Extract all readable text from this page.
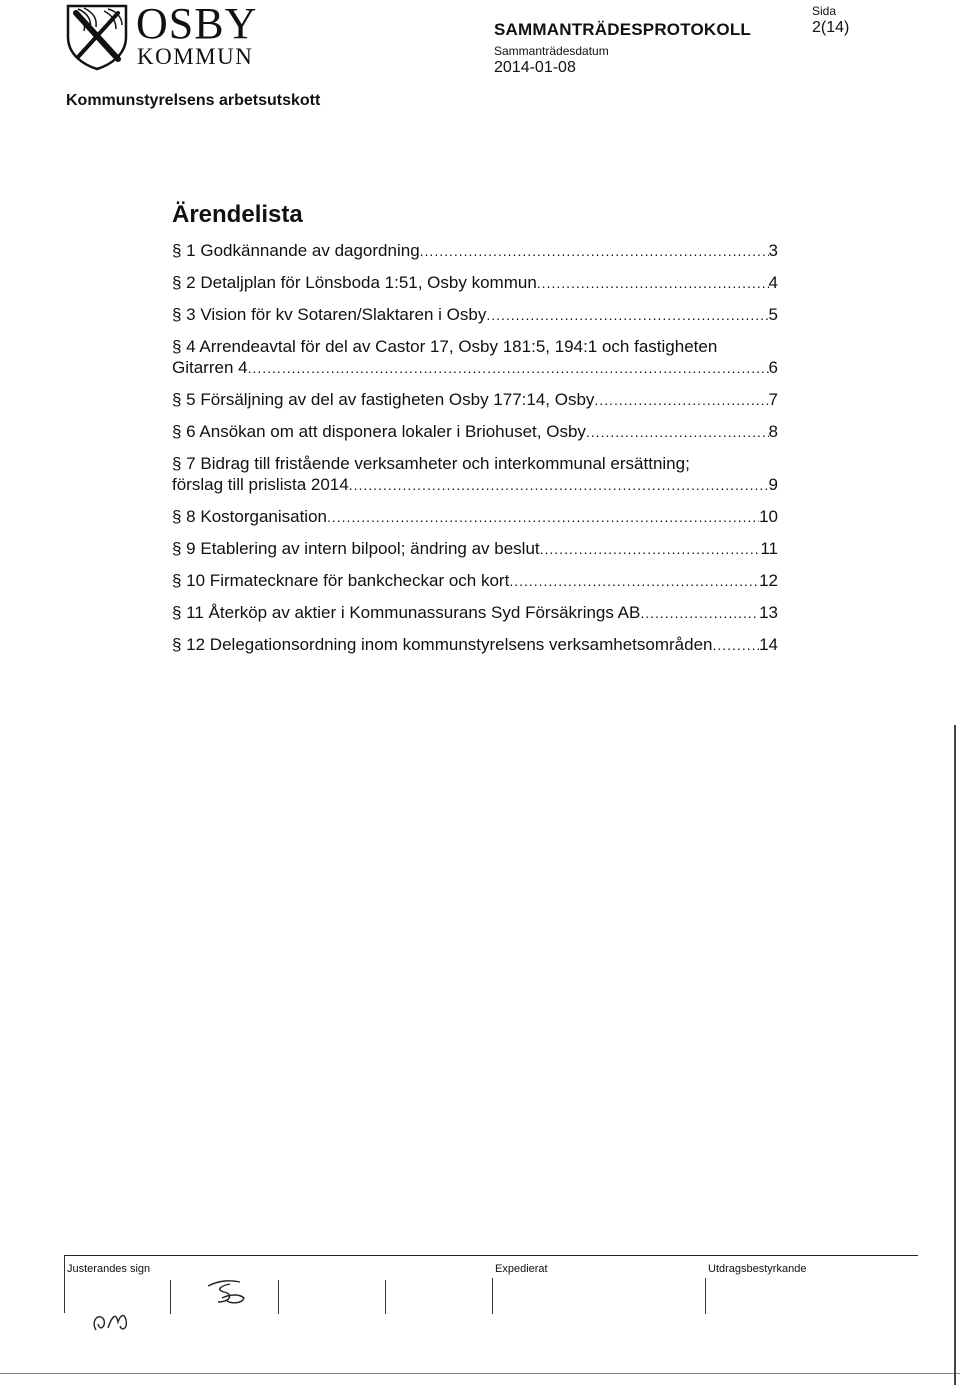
OSBY
KOMMUN
SAMMANTRÄDESPROTOKOLL
Sammanträdesdatum
2014-01-08
Sida
2(14)
Kommunstyrelsens arbetsutskott
Ärendelista
§ 1 Godkännande av dagordning .....	3
§ 2 Detaljplan för Lönsboda 1:51, Osby kommun .....	4
§ 3 Vision för kv Sotaren/Slaktaren i Osby .....	5
§ 4 Arrendeavtal för del av Castor 17, Osby 181:5, 194:1 och fastigheten
Gitarren 4 .....	6
§ 5 Försäljning av del av fastigheten Osby 177:14, Osby .....	7
§ 6 Ansökan om att disponera lokaler i Briohuset, Osby .....	8
§ 7 Bidrag till fristående verksamheter och interkommunal ersättning;
förslag till prislista 2014 .....	9
§ 8 Kostorganisation .....	10
§ 9 Etablering av intern bilpool; ändring av beslut .....	11
§ 10 Firmatecknare för bankcheckar och kort .....	12
§ 11 Återköp av aktier i Kommunassurans Syd Försäkrings AB .....	13
§ 12 Delegationsordning inom kommunstyrelsens verksamhetsområden .....	14
Justerandes sign	Expedierat	Utdragsbestyrkande
